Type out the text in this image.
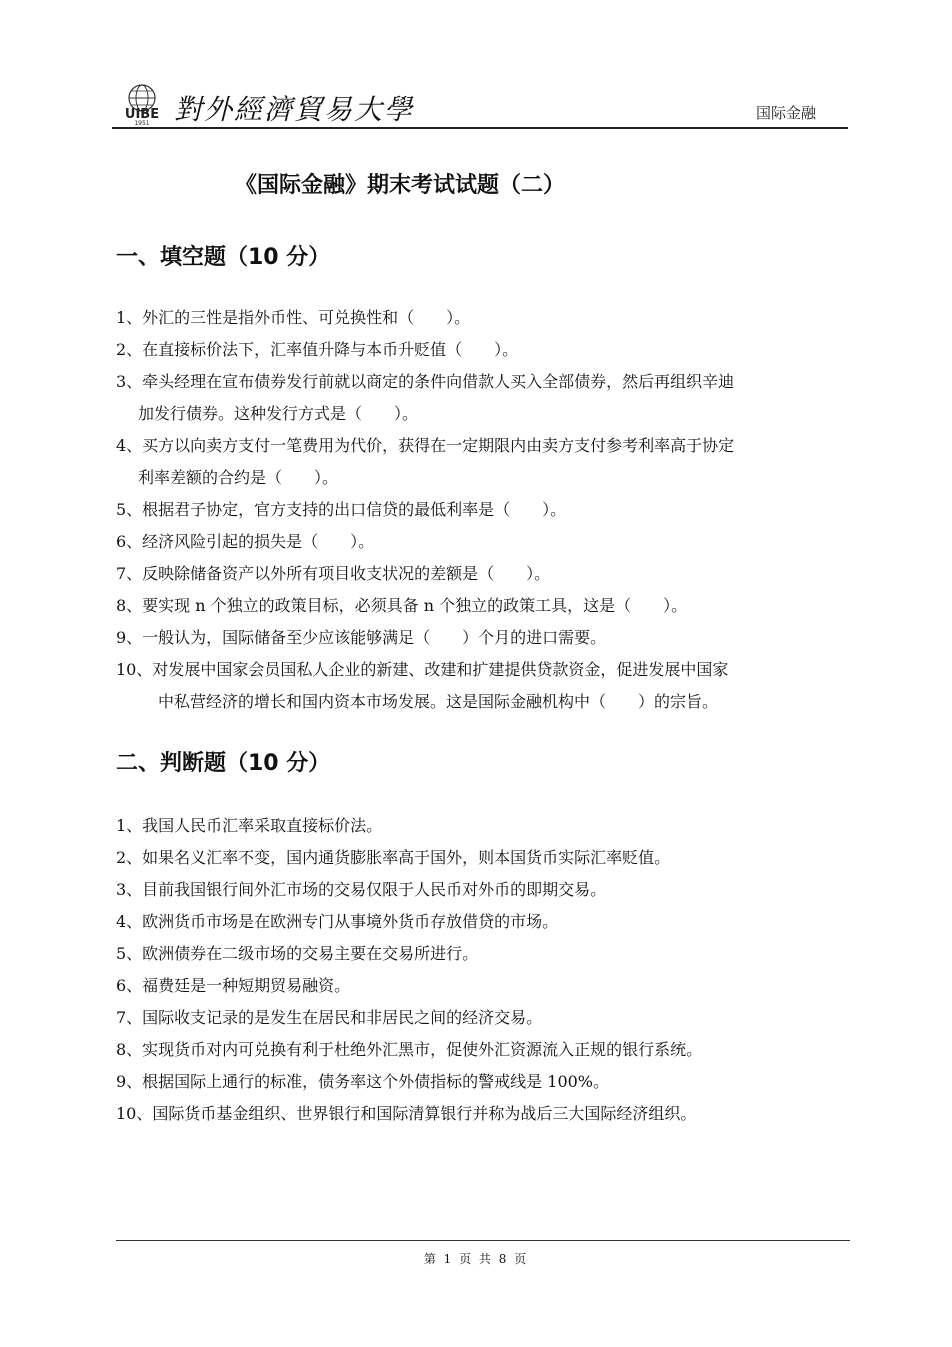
UIBE
1951 對外經濟貿易大學	国际金融
《国际金融》期末考试试题（二）
一、填空题（10 分）
1、外汇的三性是指外币性、可兑换性和（　　）。
2、在直接标价法下，汇率值升降与本币升贬值（　　）。
3、牵头经理在宣布债券发行前就以商定的条件向借款人买入全部债券，然后再组织辛迪
加发行债券。这种发行方式是（　　）。
4、买方以向卖方支付一笔费用为代价，获得在一定期限内由卖方支付参考利率高于协定
利率差额的合约是（　　）。
5、根据君子协定，官方支持的出口信贷的最低利率是（　　）。
6、经济风险引起的损失是（　　）。
7、反映除储备资产以外所有项目收支状况的差额是（　　）。
8、要实现 n 个独立的政策目标，必须具备 n 个独立的政策工具，这是（　　）。
9、一般认为，国际储备至少应该能够满足（　　）个月的进口需要。
10、对发展中国家会员国私人企业的新建、改建和扩建提供贷款资金，促进发展中国家
中私营经济的增长和国内资本市场发展。这是国际金融机构中（　　）的宗旨。
二、判断题（10 分）
1、我国人民币汇率采取直接标价法。
2、如果名义汇率不变，国内通货膨胀率高于国外，则本国货币实际汇率贬值。
3、目前我国银行间外汇市场的交易仅限于人民币对外币的即期交易。
4、欧洲货币市场是在欧洲专门从事境外货币存放借贷的市场。
5、欧洲债券在二级市场的交易主要在交易所进行。
6、福费廷是一种短期贸易融资。
7、国际收支记录的是发生在居民和非居民之间的经济交易。
8、实现货币对内可兑换有利于杜绝外汇黑市，促使外汇资源流入正规的银行系统。
9、根据国际上通行的标准，债务率这个外债指标的警戒线是 100%。
10、国际货币基金组织、世界银行和国际清算银行并称为战后三大国际经济组织。
第 1 页 共 8 页
